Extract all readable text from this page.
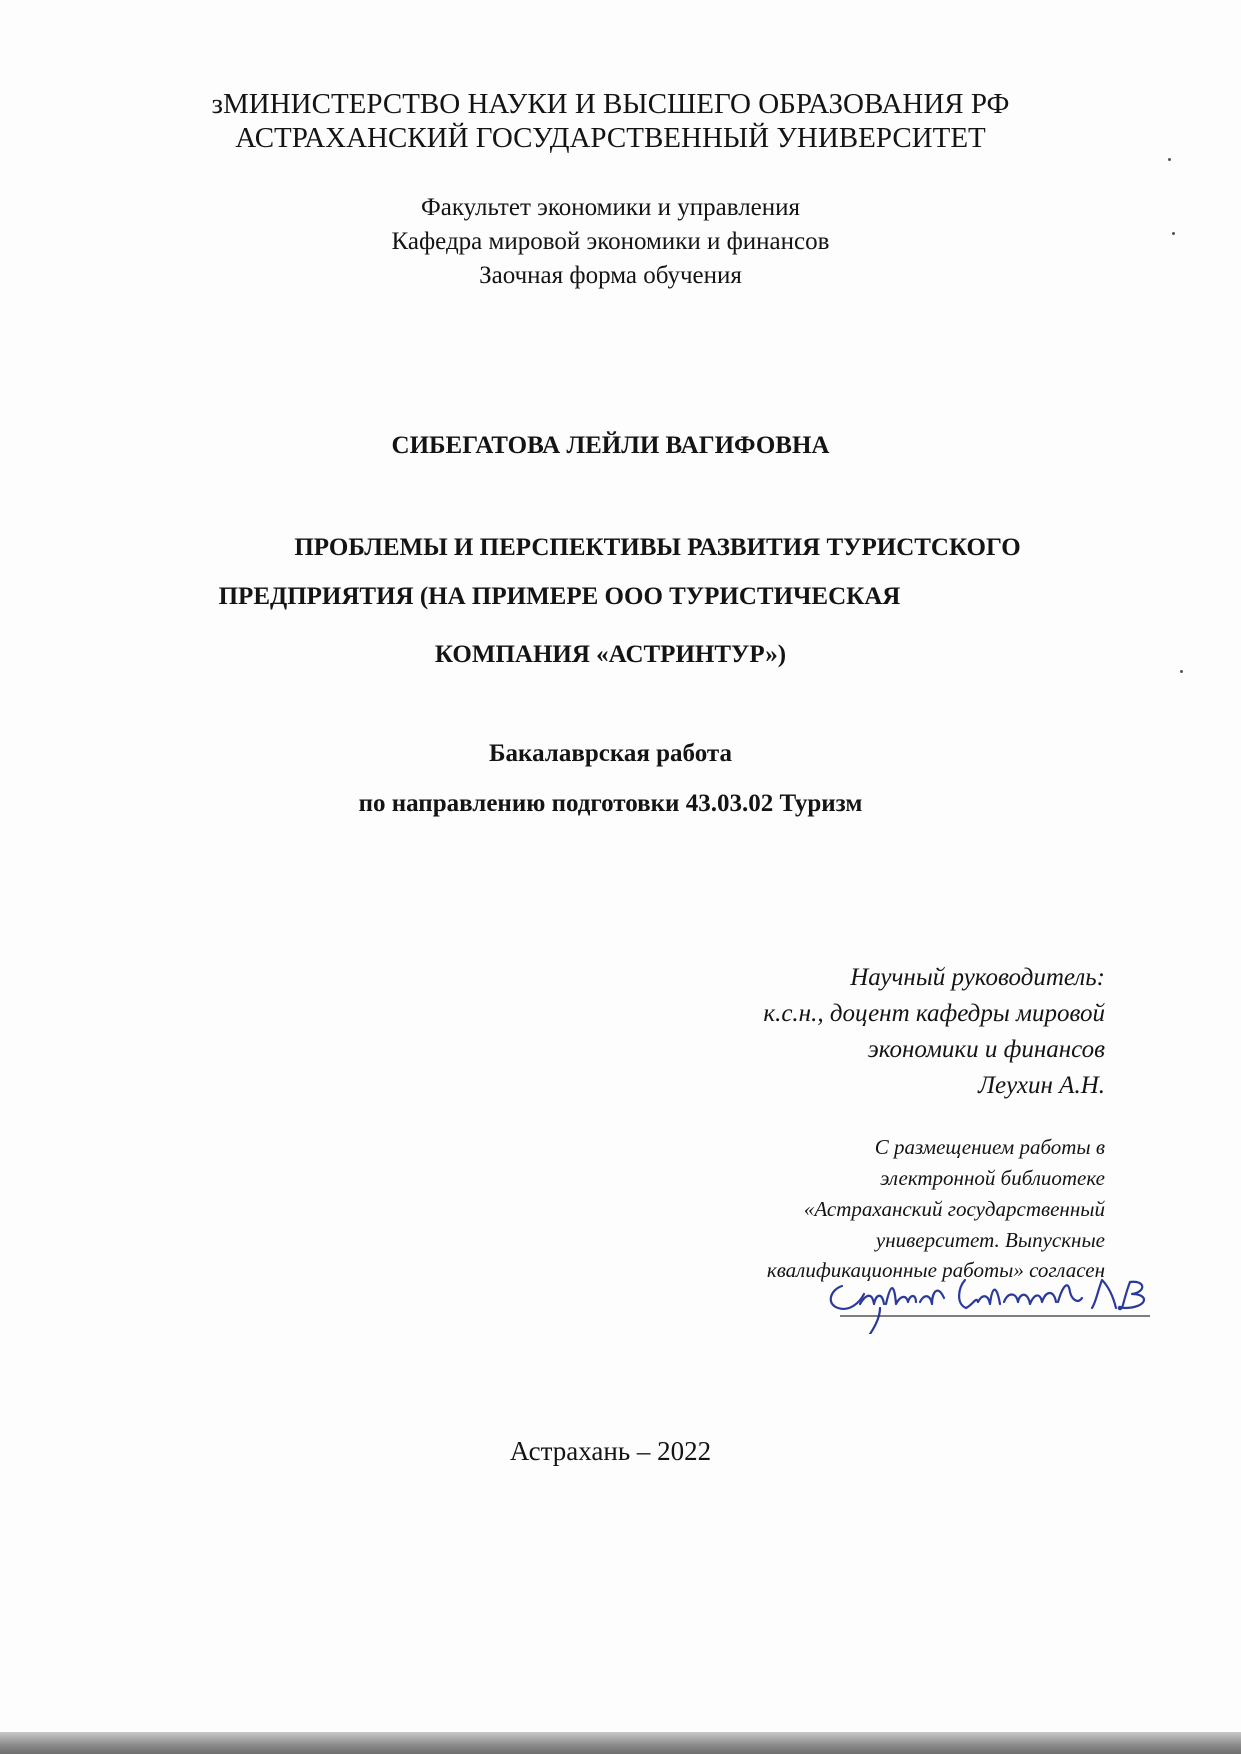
зМИНИСТЕРСТВО НАУКИ И ВЫСШЕГО ОБРАЗОВАНИЯ РФ
АСТРАХАНСКИЙ ГОСУДАРСТВЕННЫЙ УНИВЕРСИТЕТ
Факультет экономики и управления
Кафедра мировой экономики и финансов
Заочная форма обучения
СИБЕГАТОВА ЛЕЙЛИ ВАГИФОВНА
ПРОБЛЕМЫ И ПЕРСПЕКТИВЫ РАЗВИТИЯ ТУРИСТСКОГО
ПРЕДПРИЯТИЯ (НА ПРИМЕРЕ ООО ТУРИСТИЧЕСКАЯ
КОМПАНИЯ «АСТРИНТУР»)
Бакалаврская работа
по направлению подготовки 43.03.02 Туризм
Научный руководитель:
к.с.н., доцент кафедры мировой
экономики и финансов
Леухин А.Н.
С размещением работы в
электронной библиотеке
«Астраханский государственный
университет. Выпускные
квалификационные работы» согласен
Астрахань – 2022
